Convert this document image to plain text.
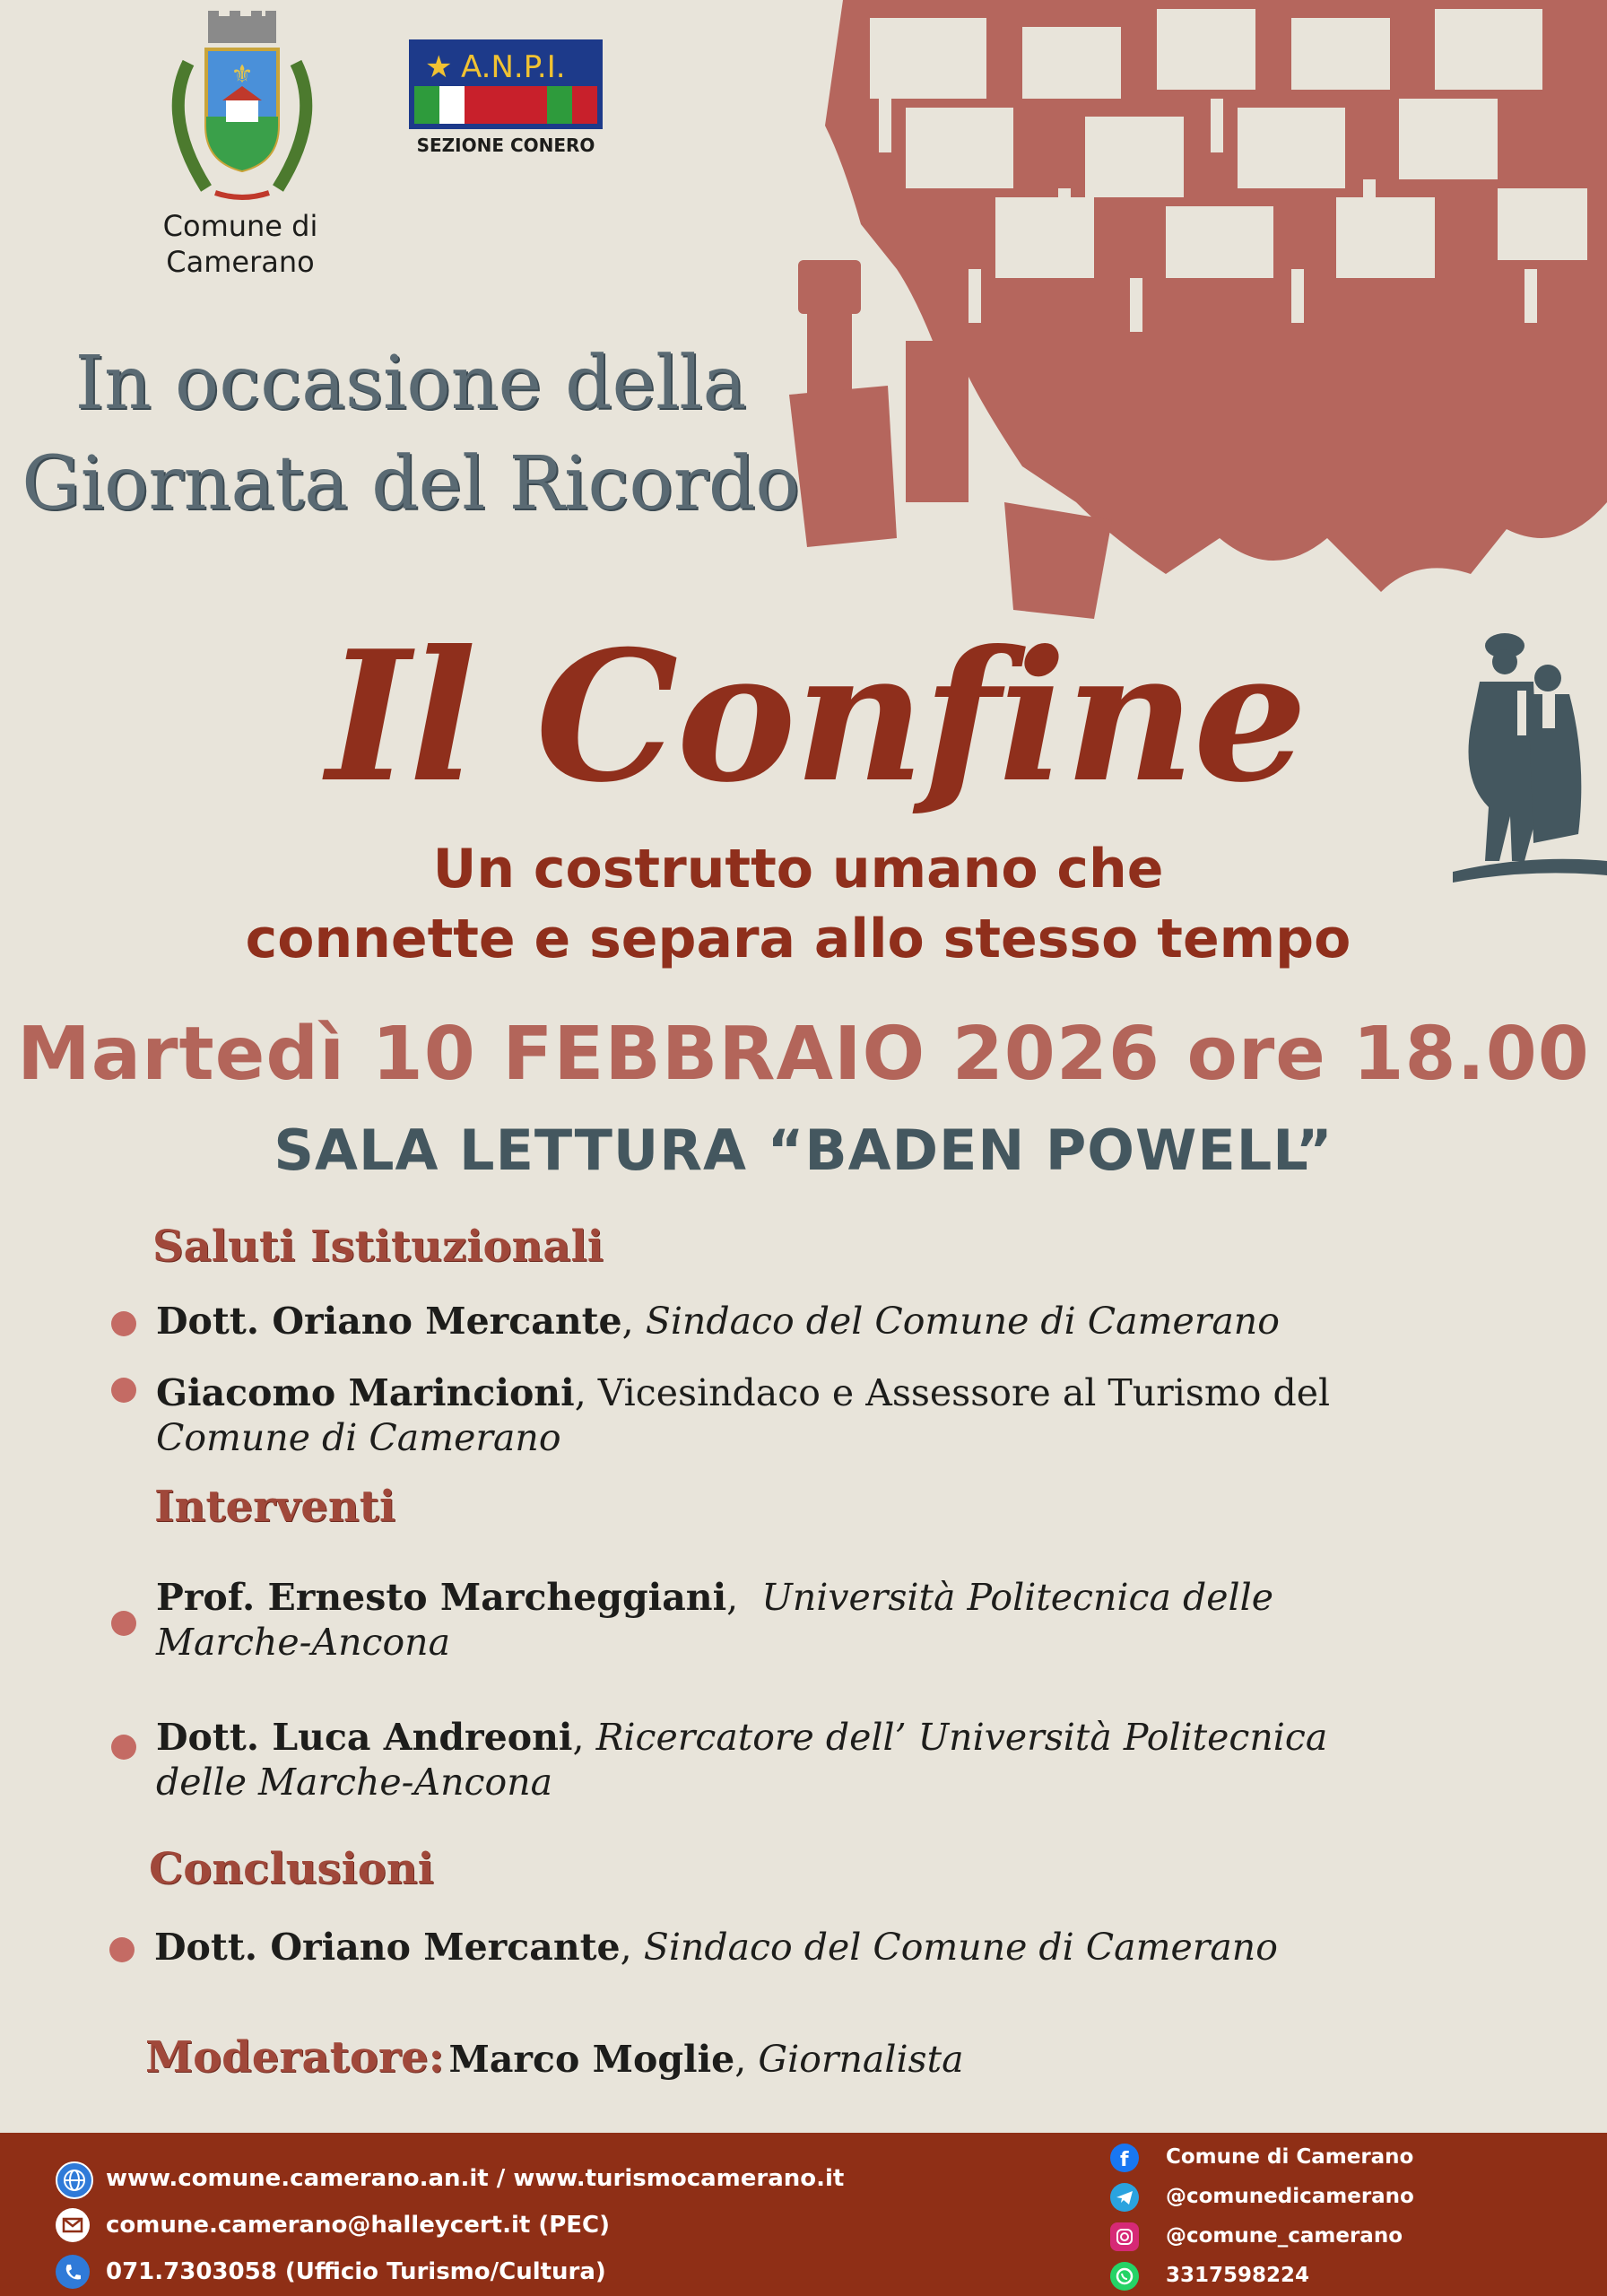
⚜
Comune di Camerano
★ A.N.P.I.
SEZIONE CONERO
In occasione della
Giornata del Ricordo
Il Confine
Un costrutto umano che
connette e separa allo stesso tempo
Martedì 10 FEBBRAIO 2026 ore 18.00
SALA LETTURA “BADEN POWELL”
Saluti Istituzionali
Dott. Oriano Mercante, Sindaco del Comune di Camerano
Giacomo Marincioni, Vicesindaco e Assessore al Turismo del
Comune di Camerano
Interventi
Prof. Ernesto Marcheggiani,  Università Politecnica delle
Marche-Ancona
Dott. Luca Andreoni, Ricercatore dell’ Università Politecnica
delle Marche-Ancona
Conclusioni
Dott. Oriano Mercante, Sindaco del Comune di Camerano
Moderatore: Marco Moglie, Giornalista
www.comune.camerano.an.it / www.turismocamerano.it
comune.camerano@halleycert.it (PEC)
071.7303058 (Ufficio Turismo/Cultura)
f Comune di Camerano
@comunedicamerano
@comune_camerano
3317598224
